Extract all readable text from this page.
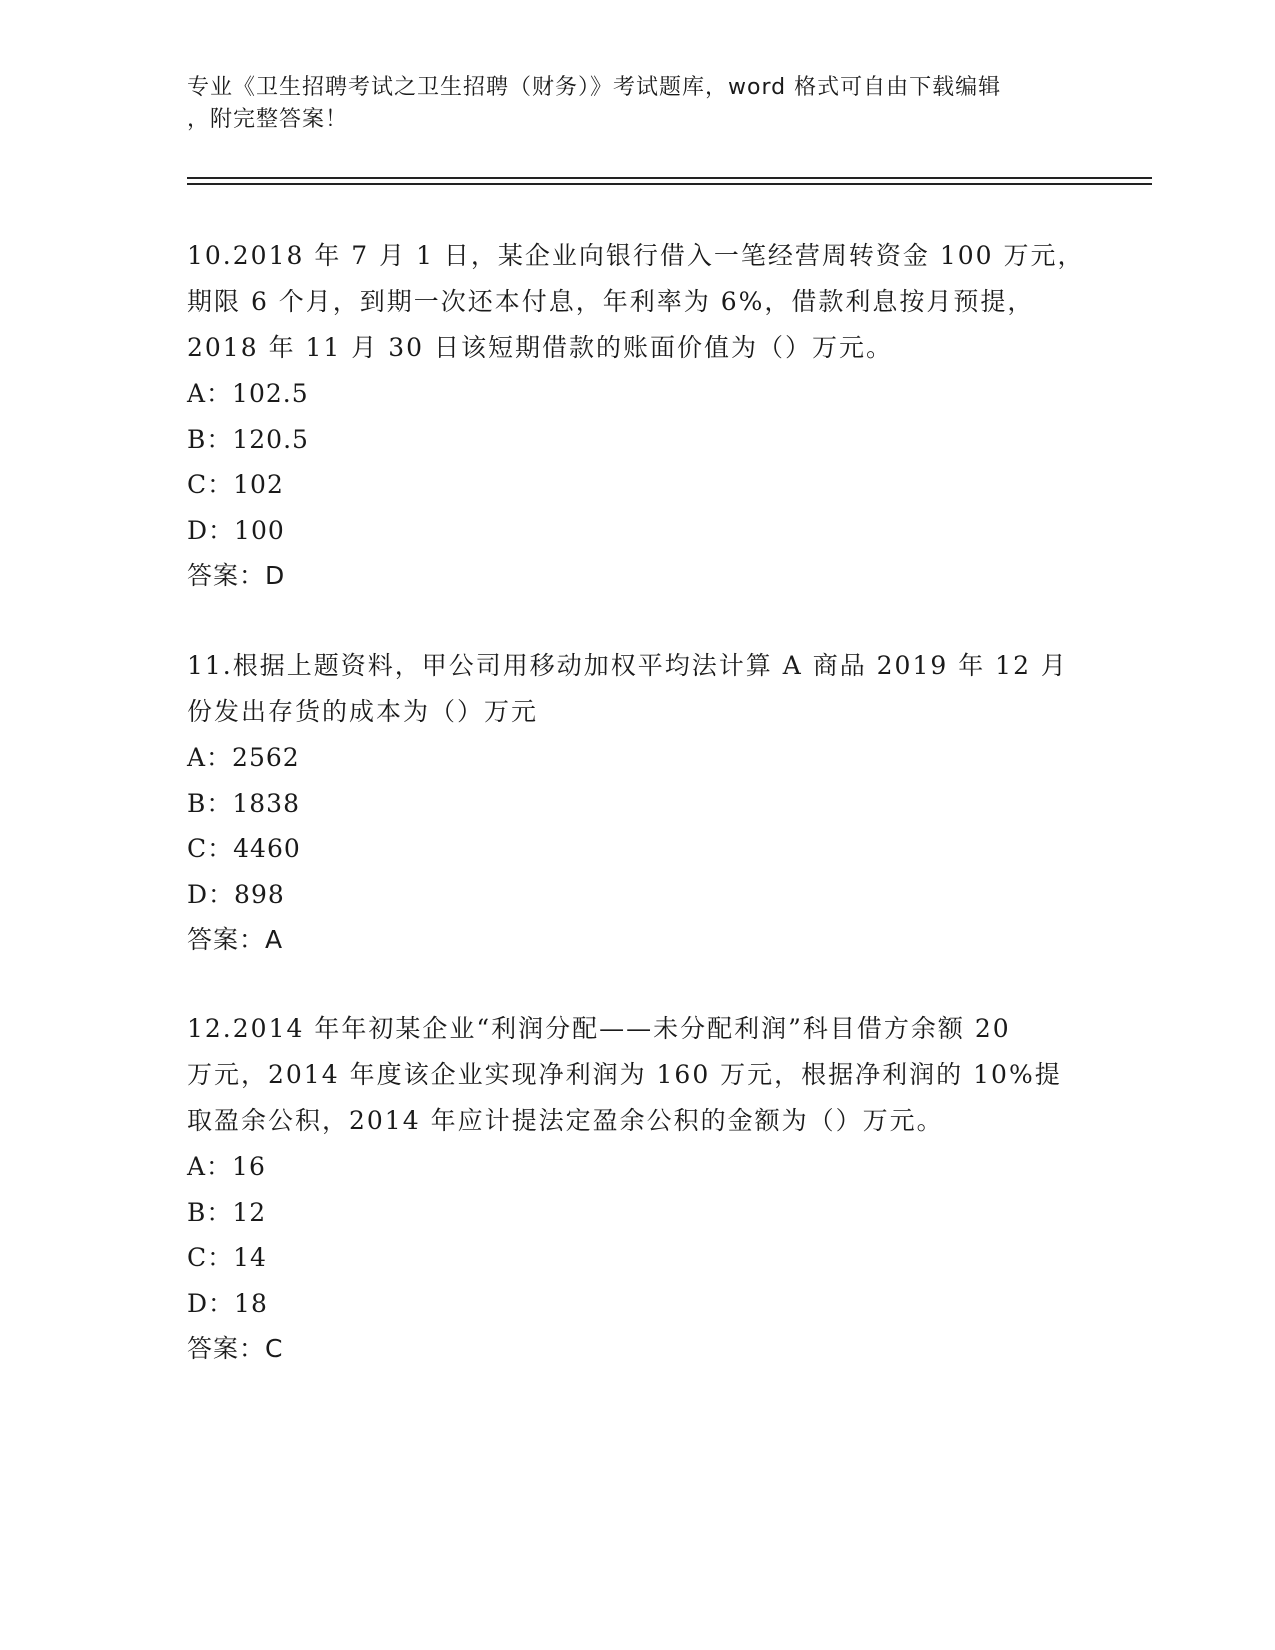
专业《卫生招聘考试之卫生招聘（财务）》考试题库，word 格式可自由下载编辑
，附完整答案！
10.2018 年 7 月 1 日，某企业向银行借入一笔经营周转资金 100 万元，
期限 6 个月，到期一次还本付息，年利率为 6%，借款利息按月预提，
2018 年 11 月 30 日该短期借款的账面价值为（）万元。
A：102.5
B：120.5
C：102
D：100
答案：D
11.根据上题资料，甲公司用移动加权平均法计算 A 商品 2019 年 12 月
份发出存货的成本为（）万元
A：2562
B：1838
C：4460
D：898
答案：A
12.2014 年年初某企业“利润分配——未分配利润”科目借方余额 20
万元，2014 年度该企业实现净利润为 160 万元，根据净利润的 10%提
取盈余公积，2014 年应计提法定盈余公积的金额为（）万元。
A：16
B：12
C：14
D：18
答案：C
